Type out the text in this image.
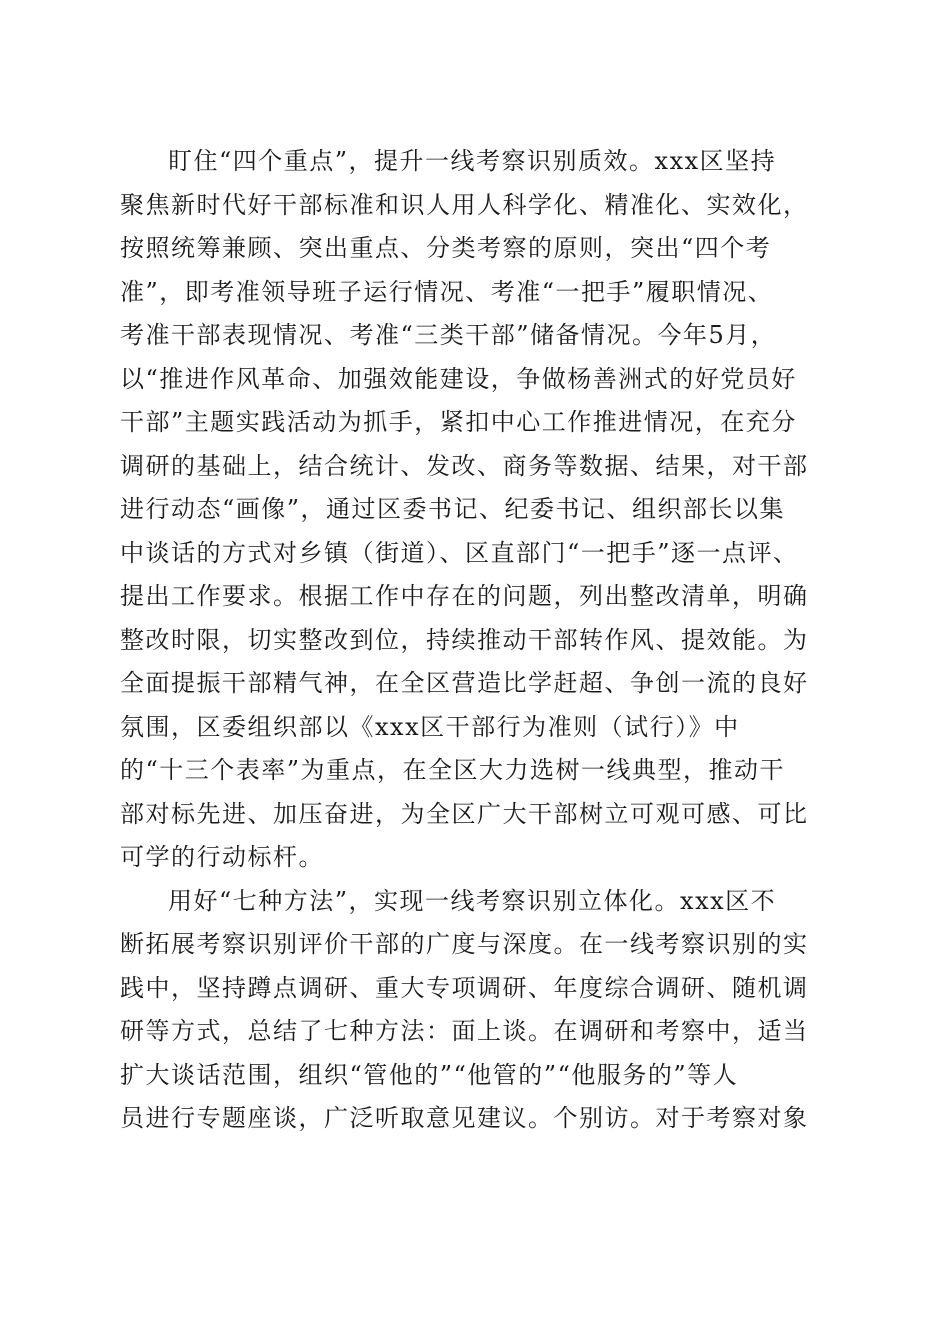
盯住“四个重点”，提升一线考察识别质效。xxx区坚持
聚焦新时代好干部标准和识人用人科学化、精准化、实效化，
按照统筹兼顾、突出重点、分类考察的原则，突出“四个考
准”，即考准领导班子运行情况、考准“一把手”履职情况、
考准干部表现情况、考准“三类干部”储备情况。今年5月，
以“推进作风革命、加强效能建设，争做杨善洲式的好党员好
干部”主题实践活动为抓手，紧扣中心工作推进情况，在充分
调研的基础上，结合统计、发改、商务等数据、结果，对干部
进行动态“画像”，通过区委书记、纪委书记、组织部长以集
中谈话的方式对乡镇（街道）、区直部门“一把手”逐一点评、
提出工作要求。根据工作中存在的问题，列出整改清单，明确
整改时限，切实整改到位，持续推动干部转作风、提效能。为
全面提振干部精气神，在全区营造比学赶超、争创一流的良好
氛围，区委组织部以《xxx区干部行为准则（试行）》中
的“十三个表率”为重点，在全区大力选树一线典型，推动干
部对标先进、加压奋进，为全区广大干部树立可观可感、可比
可学的行动标杆。
用好“七种方法”，实现一线考察识别立体化。xxx区不
断拓展考察识别评价干部的广度与深度。在一线考察识别的实
践中，坚持蹲点调研、重大专项调研、年度综合调研、随机调
研等方式，总结了七种方法：面上谈。在调研和考察中，适当
扩大谈话范围，组织“管他的”“他管的”“他服务的”等人
员进行专题座谈，广泛听取意见建议。个别访。对于考察对象
